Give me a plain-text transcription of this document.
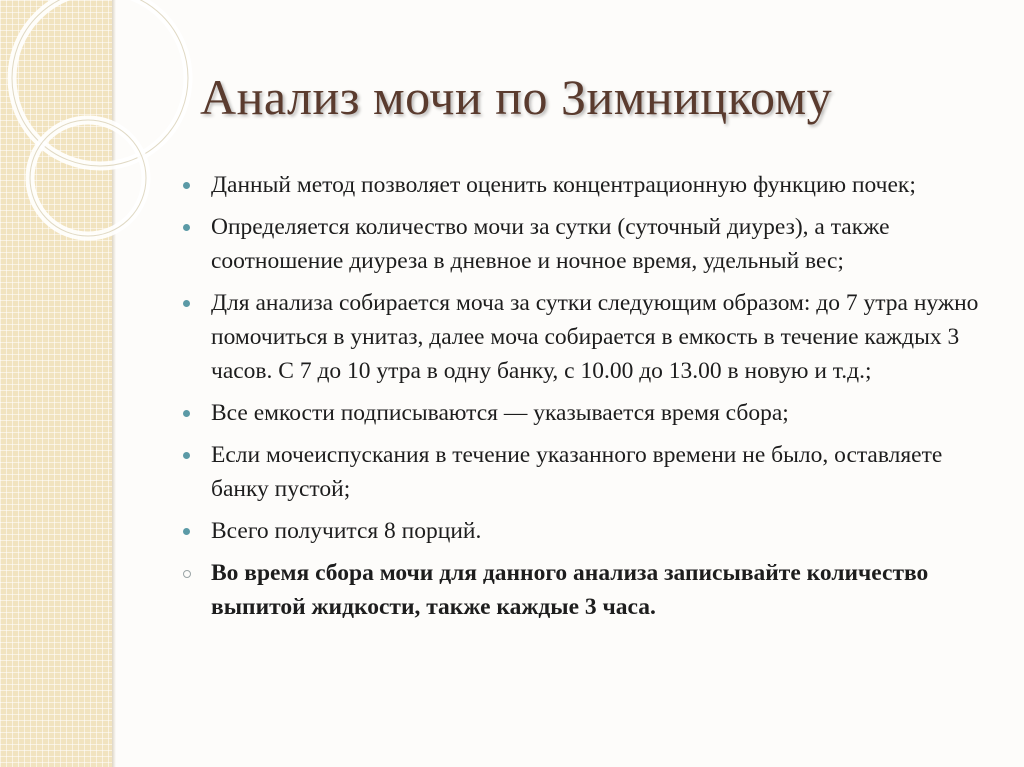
Анализ мочи по Зимницкому
Данный метод позволяет оценить концентрационную функцию почек;
Определяется количество мочи за сутки (суточный диурез), а также соотношение диуреза в дневное и ночное время, удельный вес;
Для анализа собирается моча за сутки следующим образом: до 7 утра нужно помочиться в унитаз, далее моча собирается в емкость в течение каждых 3 часов. С 7 до 10 утра в одну банку, с 10.00 до 13.00 в новую и т.д.;
Все емкости подписываются — указывается время сбора;
Если мочеиспускания в течение указанного времени не было, оставляете банку пустой;
Всего получится 8 порций.
Во время сбора мочи для данного анализа записывайте количество выпитой жидкости, также каждые 3 часа.
